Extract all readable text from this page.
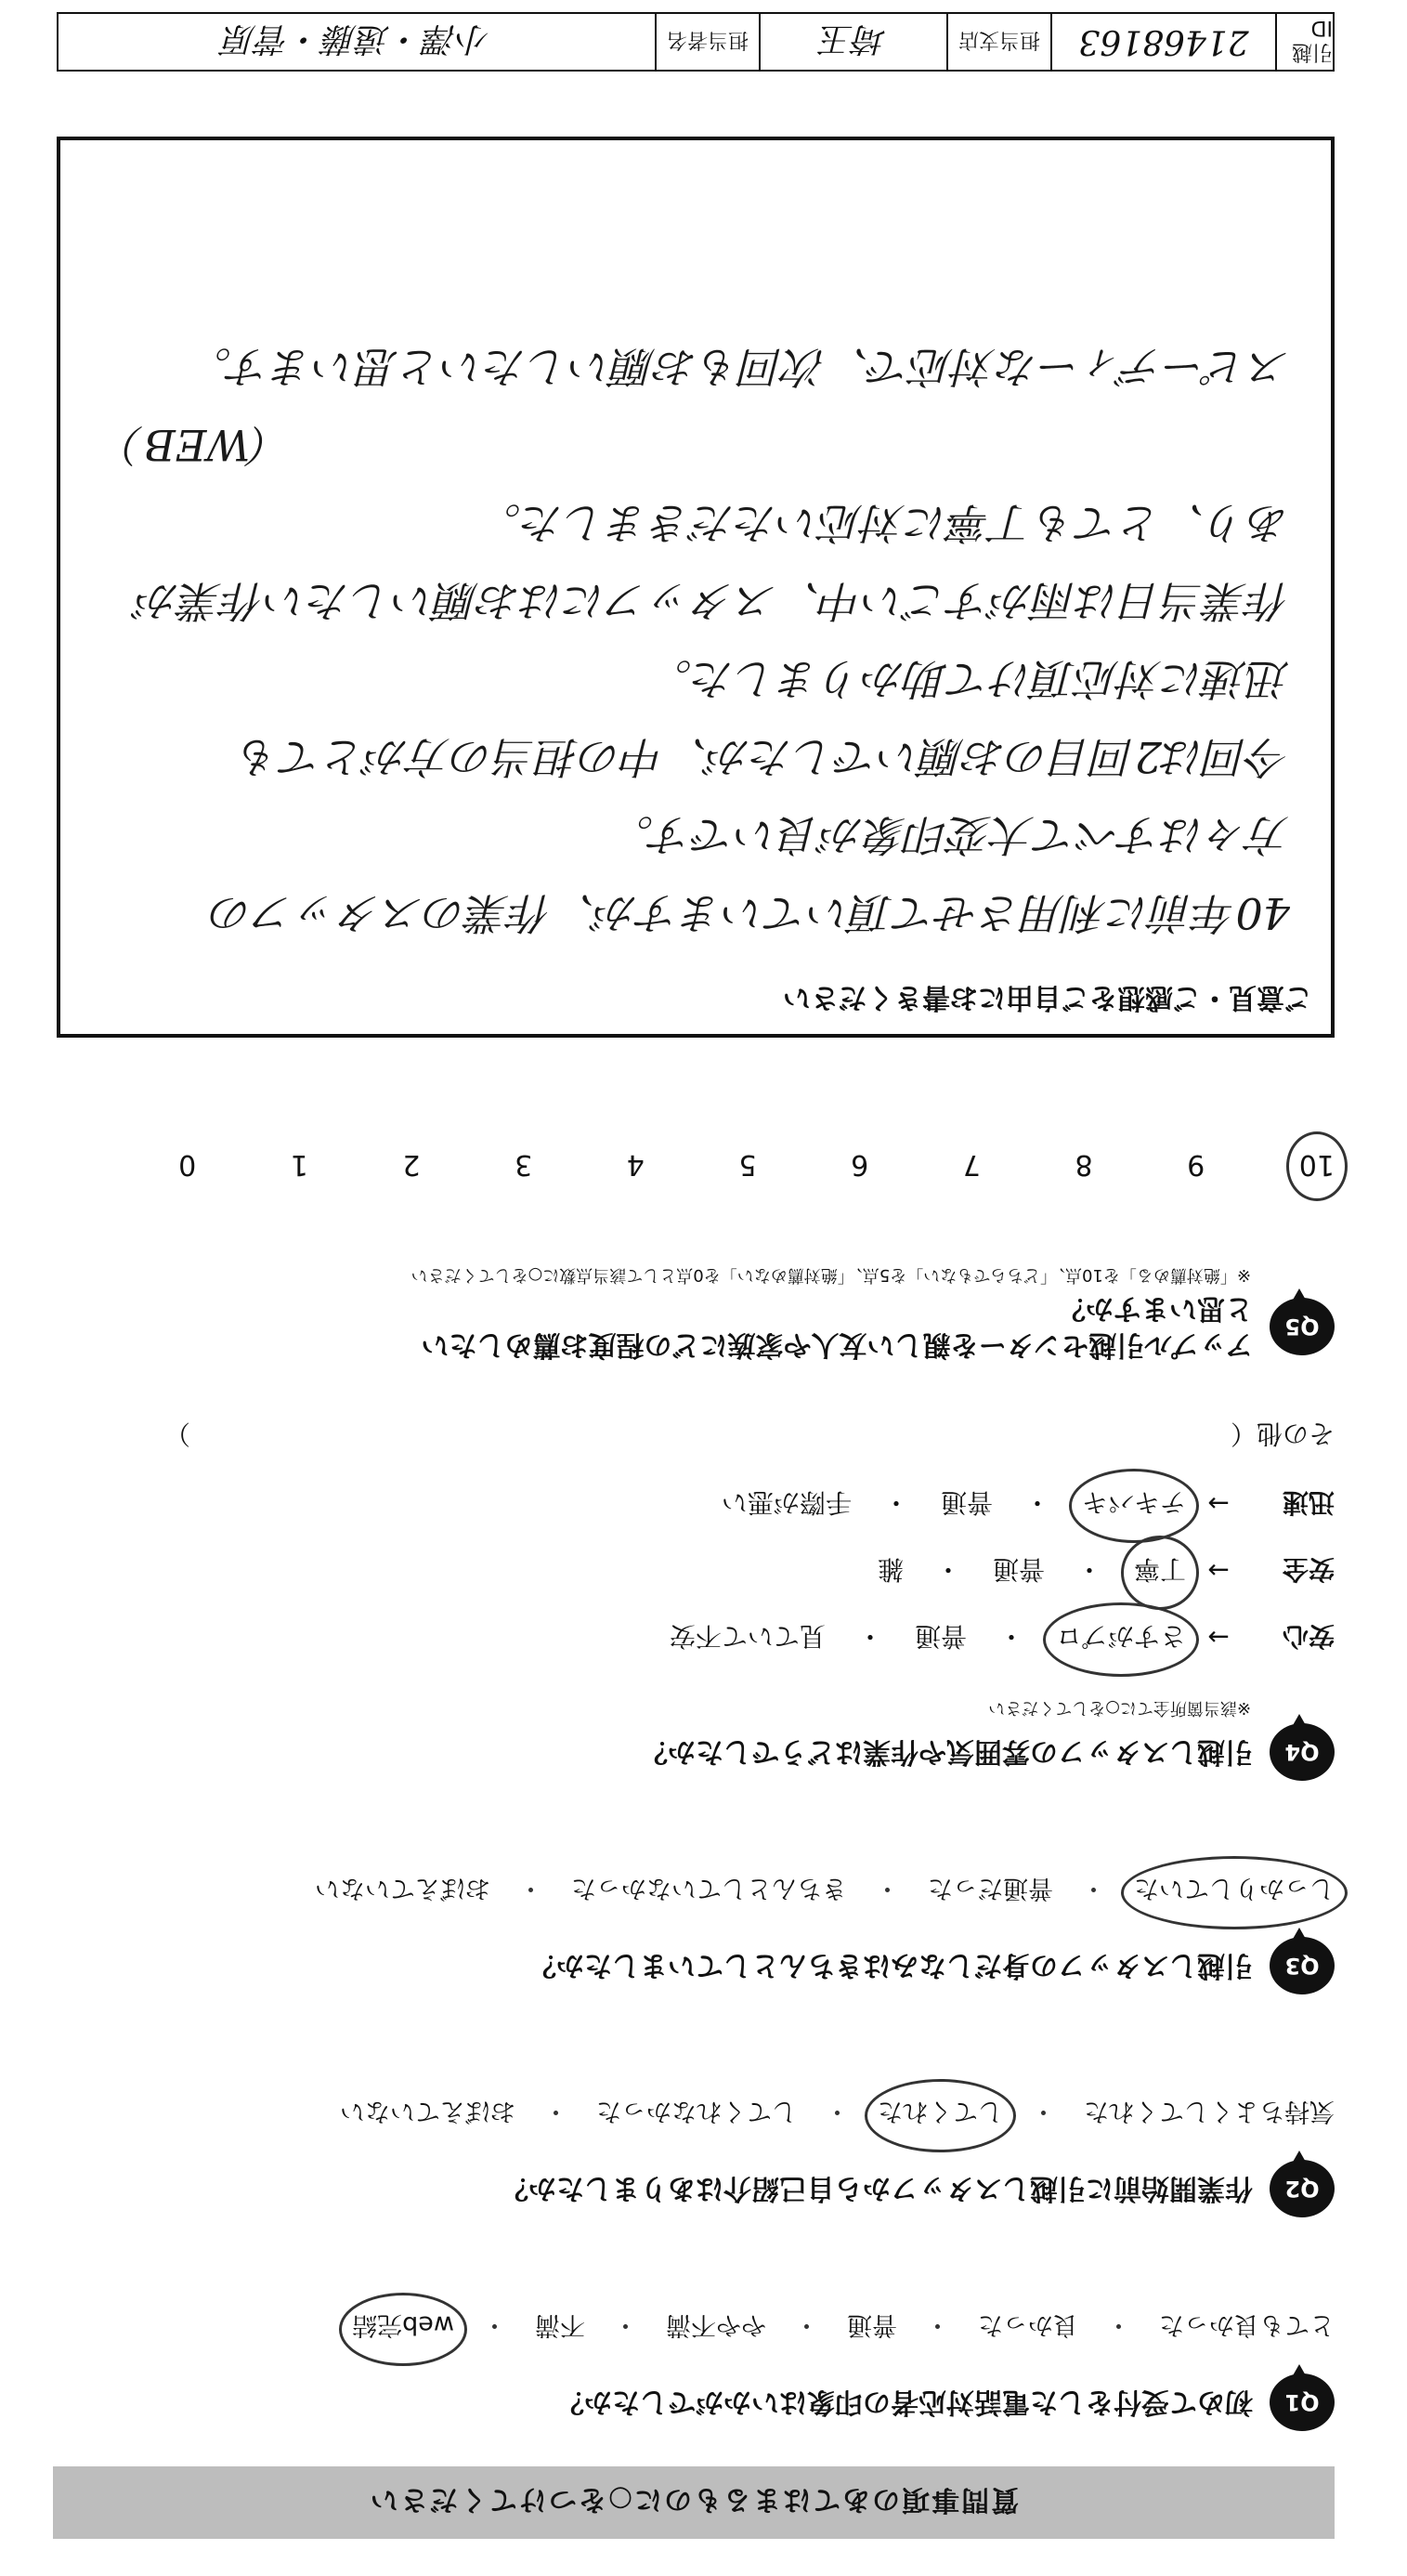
質問事項のあてはまるものに○をつけてください
Q1
初めて受付をした電話対応者の印象はいかがでしたか？
とても良かった
・
良かった
・
普通
・
やや不満
・
不満
・
web完結
Q2
作業開始前に引越しスタッフから自己紹介はありましたか？
気持ちよくしてくれた
・
してくれた
・
してくれなかった
・
おぼえていない
Q3
引越しスタッフの身だしなみはきちんとしていましたか？
しっかりしていた
・
普通だった
・
きちんとしていなかった
・
おぼえていない
Q4
引越しスタッフの雰囲気や作業はどうでしたか？
※該当箇所全てに○をしてください
安心
→
さすがプロ
・
普通
・
見ていて不安
安全
→
丁寧
・
普通
・
雑
迅速
→
テキパキ
・
普通
・
手際が悪い
その他（
）
Q5
アップル引越センターを親しい友人や家族にどの程度お薦めしたいと思いますか？
※「絶対薦める」を10点、「どちらでもない」を5点、「絶対薦めない」を0点として該当点数に○をしてください
10
9
8
7
6
5
4
3
2
1
0
ご意見・ご感想をご自由にお書きください
40年前に利用させて頂いていますが、作業のスタッフの
方々はすべて大変印象が良いです。
今回は2回目のお願いでしたが、中の担当の方がとても
迅速に対応頂けて助かりました。
作業当日は雨がすごい中、スタッフにはお願いしたい作業が
あり、とても丁寧に対応いただきました。
（WEB）
スピーディーな対応で、次回もお願いしたいと思います。
引越ID
21468163
担当支店
埼玉
担当者名
小澤・遠藤・菅原
